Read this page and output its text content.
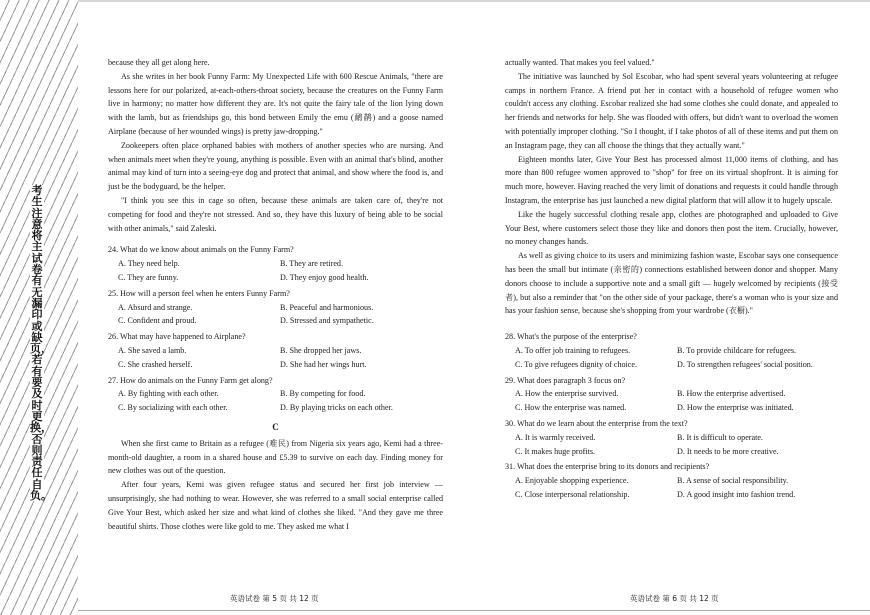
考生注意将主试卷有无漏印或缺页，若有要及时更换，否则责任自负。

because they all get along here.

As she writes in her book Funny Farm: My Unexpected Life with 600 Rescue Animals, "there are lessons here for our polarized, at-each-others-throat society, because the creatures on the Funny Farm live in harmony; no matter how different they are. It's not quite the fairy tale of the lion lying down with the lamb, but as friendships go, this bond between Emily the emu (鸸鹋) and a goose named Airplane (because of her wounded wings) is pretty jaw-dropping."

Zookeepers often place orphaned babies with mothers of another species who are nursing. And when animals meet when they're young, anything is possible. Even with an animal that's blind, another animal may kind of turn into a seeing-eye dog and protect that animal, and show where the food is, and just be the bodyguard, be the helper.

"I think you see this in cage so often, because these animals are taken care of, they're not competing for food and they're not stressed. And so, they have this luxury of being able to be social with other animals," said Zaleski.

24. What do we know about animals on the Funny Farm?

A. They need help.	B. They are retired.
C. They are funny.	D. They enjoy good health.

25. How will a person feel when he enters Funny Farm?

A. Absurd and strange.	B. Peaceful and harmonious.
C. Confident and proud.	D. Stressed and sympathetic.

26. What may have happened to Airplane?

A. She saved a lamb.	B. She dropped her jaws.
C. She crashed herself.	D. She had her wings hurt.

27. How do animals on the Funny Farm get along?

A. By fighting with each other.	B. By competing for food.
C. By socializing with each other.	D. By playing tricks on each other.
C

When she first came to Britain as a refugee (难民) from Nigeria six years ago, Kemi had a three-month-old daughter, a room in a shared house and £5.39 to survive on each day. Finding money for new clothes was out of the question.

After four years, Kemi was given refugee status and secured her first job interview — unsurprisingly, she had nothing to wear. However, she was referred to a small social enterprise called Give Your Best, which asked her size and what kind of clothes she liked. "And they gave me three beautiful shirts. Those clothes were like gold to me. They asked me what I

actually wanted. That makes you feel valued."

The initiative was launched by Sol Escobar, who had spent several years volunteering at refugee camps in northern France. A friend put her in contact with a household of refugee women who couldn't access any clothing. Escobar realized she had some clothes she could donate, and appealed to her friends and networks for help. She was flooded with offers, but didn't want to overload the women with potentially improper clothing. "So I thought, if I take photos of all of these items and put them on an Instagram page, they can all choose the things that they actually want."

Eighteen months later, Give Your Best has processed almost 11,000 items of clothing, and has more than 800 refugee women approved to "shop" for free on its virtual shopfront. It is aiming for much more, however. Having reached the very limit of donations and requests it could handle through Instagram, the enterprise has just launched a new digital platform that will allow it to hugely upscale.

Like the hugely successful clothing resale app, clothes are photographed and uploaded to Give Your Best, where customers select those they like and donors then post the item. Crucially, however, no money changes hands.

As well as giving choice to its users and minimizing fashion waste, Escobar says one consequence has been the small but intimate (亲密的) connections established between donor and shopper. Many donors choose to include a supportive note and a small gift — hugely welcomed by recipients (接受者), but also a reminder that "on the other side of your package, there's a woman who is your size and has your fashion sense, because she's shopping from your wardrobe (衣橱)."

28. What's the purpose of the enterprise?

A. To offer job training to refugees.	B. To provide childcare for refugees.
C. To give refugees dignity of choice.	D. To strengthen refugees' social position.

29. What does paragraph 3 focus on?

A. How the enterprise survived.	B. How the enterprise advertised.
C. How the enterprise was named.	D. How the enterprise was initiated.

30. What do we learn about the enterprise from the text?

A. It is warmly received.	B. It is difficult to operate.
C. It makes huge profits.	D. It needs to be more creative.

31. What does the enterprise bring to its donors and recipients?

A. Enjoyable shopping experience.	B. A sense of social responsibility.
C. Close interpersonal relationship.	D. A good insight into fashion trend.
英语试卷 第 5 页 共 12 页	英语试卷 第 6 页 共 12 页
